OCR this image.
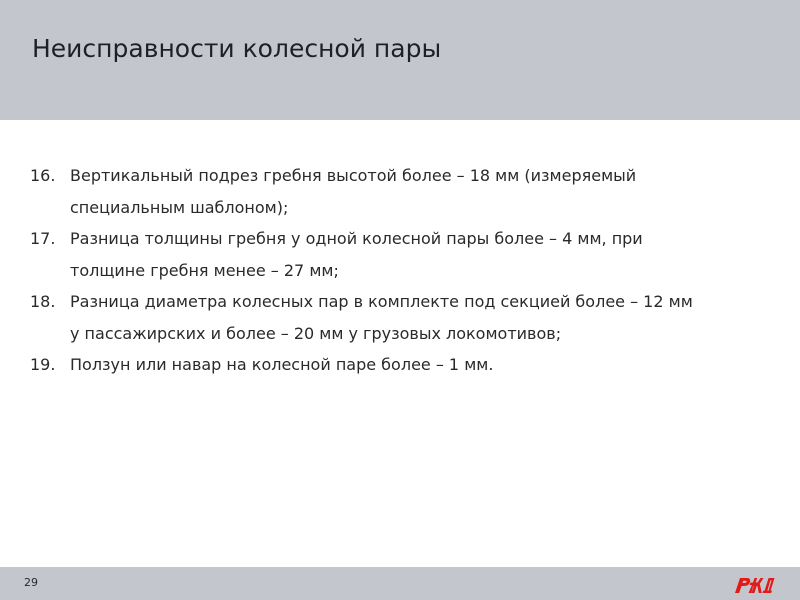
Неисправности колесной пары
16. Вертикальный подрез гребня высотой более – 18 мм (измеряемый
специальным шаблоном);
17. Разница толщины гребня у одной колесной пары более – 4 мм, при
толщине гребня менее – 27 мм;
18. Разница диаметра колесных пар в комплекте под секцией более – 12 мм
у пассажирских и более – 20 мм у грузовых локомотивов;
19. Ползун или навар на колесной паре более – 1 мм.
29
